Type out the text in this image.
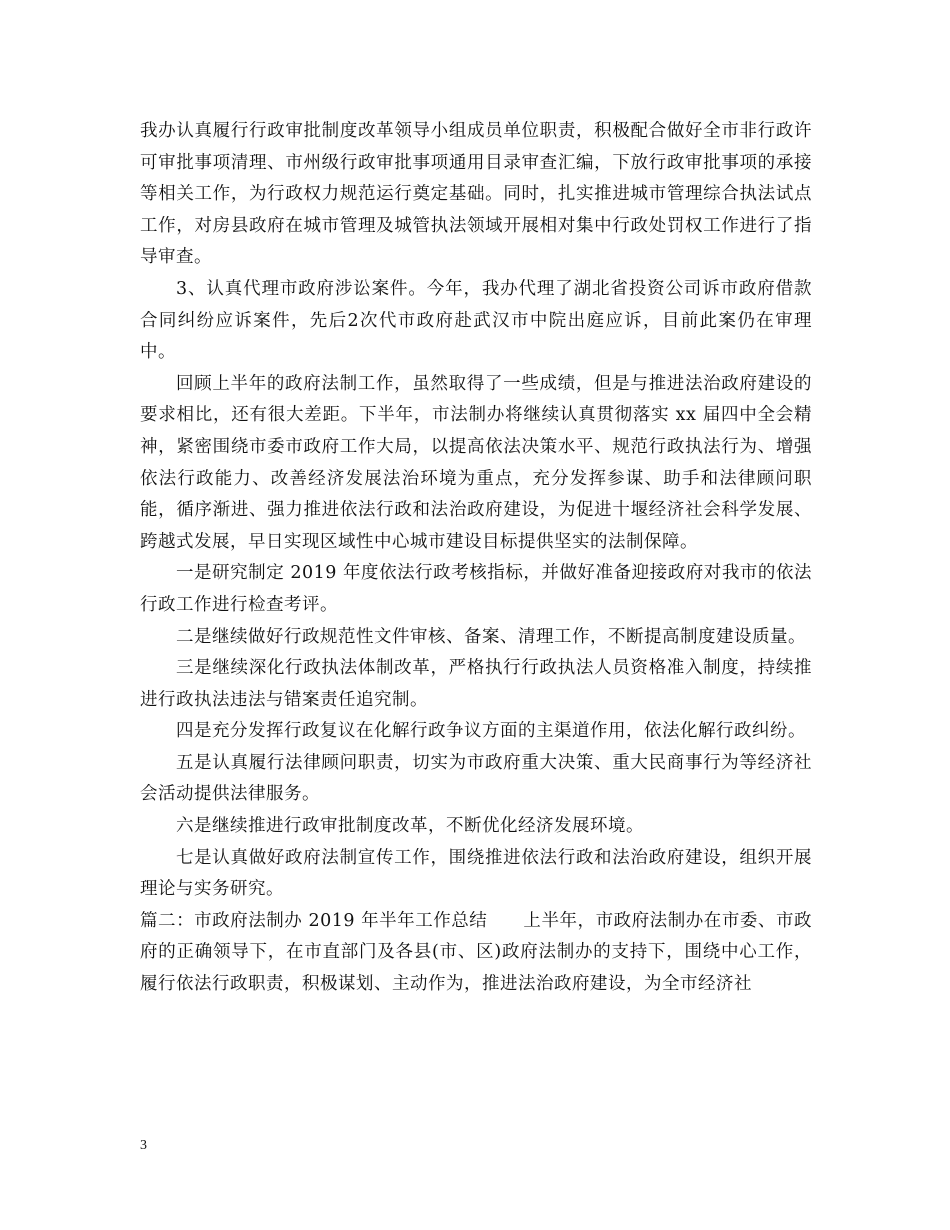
我办认真履行行政审批制度改革领导小组成员单位职责，积极配合做好全市非行政许可审批事项清理、市州级行政审批事项通用目录审查汇编，下放行政审批事项的承接等相关工作，为行政权力规范运行奠定基础。同时，扎实推进城市管理综合执法试点工作，对房县政府在城市管理及城管执法领域开展相对集中行政处罚权工作进行了指导审查。

3、认真代理市政府涉讼案件。今年，我办代理了湖北省投资公司诉市政府借款合同纠纷应诉案件，先后2次代市政府赴武汉市中院出庭应诉，目前此案仍在审理中。

回顾上半年的政府法制工作，虽然取得了一些成绩，但是与推进法治政府建设的要求相比，还有很大差距。下半年，市法制办将继续认真贯彻落实 xx 届四中全会精神，紧密围绕市委市政府工作大局，以提高依法决策水平、规范行政执法行为、增强依法行政能力、改善经济发展法治环境为重点，充分发挥参谋、助手和法律顾问职能，循序渐进、强力推进依法行政和法治政府建设，为促进十堰经济社会科学发展、跨越式发展，早日实现区域性中心城市建设目标提供坚实的法制保障。

一是研究制定 2019 年度依法行政考核指标，并做好准备迎接政府对我市的依法行政工作进行检查考评。

二是继续做好行政规范性文件审核、备案、清理工作，不断提高制度建设质量。

三是继续深化行政执法体制改革，严格执行行政执法人员资格准入制度，持续推进行政执法违法与错案责任追究制。

四是充分发挥行政复议在化解行政争议方面的主渠道作用，依法化解行政纠纷。

五是认真履行法律顾问职责，切实为市政府重大决策、重大民商事行为等经济社会活动提供法律服务。

六是继续推进行政审批制度改革，不断优化经济发展环境。

七是认真做好政府法制宣传工作，围绕推进依法行政和法治政府建设，组织开展理论与实务研究。

篇二：市政府法制办 2019 年半年工作总结　　上半年，市政府法制办在市委、市政府的正确领导下，在市直部门及各县(市、区)政府法制办的支持下，围绕中心工作，履行依法行政职责，积极谋划、主动作为，推进法治政府建设，为全市经济社

3
